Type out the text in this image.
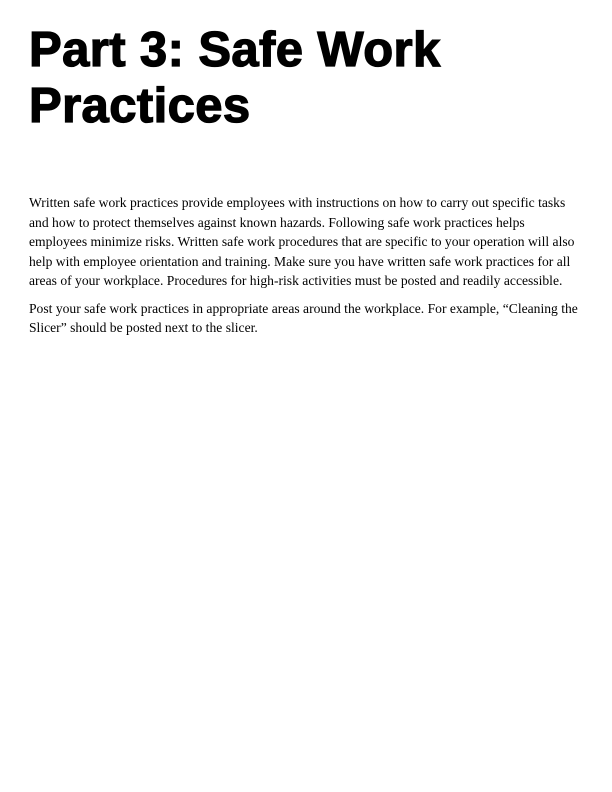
Part 3: Safe Work
Practices

Written safe work practices provide employees with instructions on how to carry out specific tasks and how to protect themselves against known hazards. Following safe work practices helps employees minimize risks. Written safe work procedures that are specific to your operation will also help with employee orientation and training. Make sure you have written safe work practices for all areas of your workplace. Procedures for high-risk activities must be posted and readily accessible.

Post your safe work practices in appropriate areas around the workplace. For example, “Cleaning the Slicer” should be posted next to the slicer.
